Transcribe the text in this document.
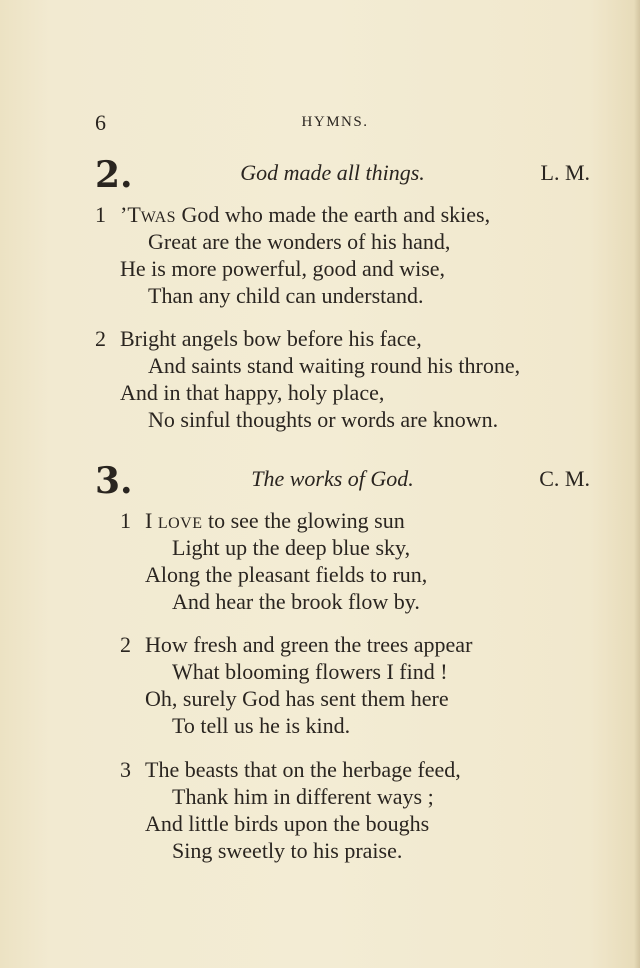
6	HYMNS.
2.	God made all things.	L. M.
1 ’TWAS God who made the earth and skies,
Great are the wonders of his hand,
He is more powerful, good and wise,
Than any child can understand.
2 Bright angels bow before his face,
And saints stand waiting round his throne,
And in that happy, holy place,
No sinful thoughts or words are known.
3.	The works of God.	C. M.
1 I LOVE to see the glowing sun
Light up the deep blue sky,
Along the pleasant fields to run,
And hear the brook flow by.
2 How fresh and green the trees appear
What blooming flowers I find !
Oh, surely God has sent them here
To tell us he is kind.
3 The beasts that on the herbage feed,
Thank him in different ways ;
And little birds upon the boughs
Sing sweetly to his praise.
